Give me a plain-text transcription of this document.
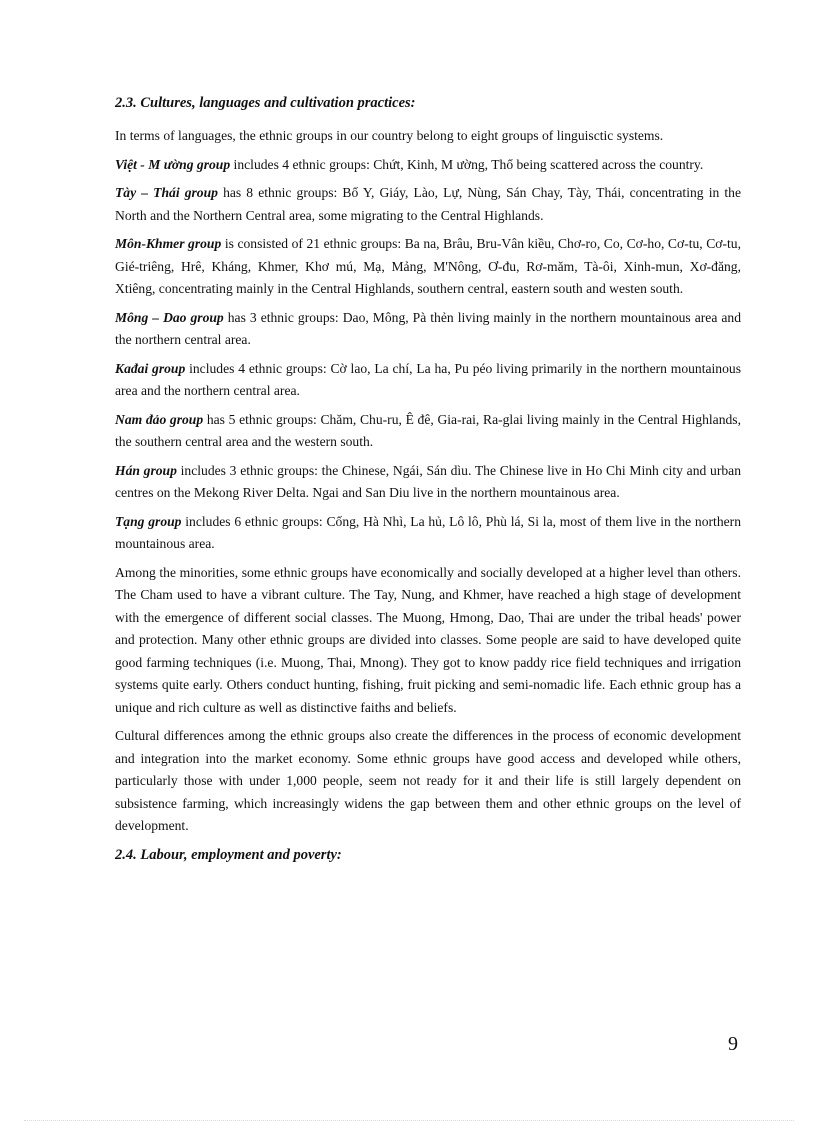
2.3. Cultures, languages and cultivation practices:

In terms of languages, the ethnic groups in our country belong to eight groups of linguisctic systems.

Việt - M ường group includes 4 ethnic groups: Chứt, Kinh, M ường, Thổ being scattered across the country.

Tày – Thái group has 8 ethnic groups: Bố Y, Giáy, Lào, Lự, Nùng, Sán Chay, Tày, Thái, concentrating in the North and the Northern Central area, some migrating to the Central Highlands.

Môn-Khmer group is consisted of 21 ethnic groups: Ba na, Brâu, Bru-Vân kiều, Chơ-ro, Co, Cơ-ho, Cơ-tu, Cơ-tu, Gié-triêng, Hrê, Kháng, Khmer, Khơ mú, Mạ, Mảng, M'Nông, Ơ-đu, Rơ-măm, Tà-ôi, Xinh-mun, Xơ-đăng, Xtiêng, concentrating mainly in the Central Highlands, southern central, eastern south and westen south.

Mông – Dao group has 3 ethnic groups: Dao, Mông, Pà thẻn living mainly in the northern mountainous area and the northern central area.

Kađai group includes 4 ethnic groups: Cờ lao, La chí, La ha, Pu péo living primarily in the northern mountainous area and the northern central area.

Nam đảo group has 5 ethnic groups: Chăm, Chu-ru, Ê đê, Gia-rai, Ra-glai living mainly in the Central Highlands, the southern central area and the western south.

Hán group includes 3 ethnic groups: the Chinese, Ngái, Sán dìu. The Chinese live in Ho Chi Minh city and urban centres on the Mekong River Delta. Ngai and San Diu live in the northern mountainous area.

Tạng group includes 6 ethnic groups: Cống, Hà Nhì, La hủ, Lô lô, Phù lá, Si la, most of them live in the northern mountainous area.

Among the minorities, some ethnic groups have economically and socially developed at a higher level than others. The Cham used to have a vibrant culture. The Tay, Nung, and Khmer, have reached a high stage of development with the emergence of different social classes. The Muong, Hmong, Dao, Thai are under the tribal heads' power and protection. Many other ethnic groups are divided into classes. Some people are said to have developed quite good farming techniques (i.e. Muong, Thai, Mnong). They got to know paddy rice field techniques and irrigation systems quite early. Others conduct hunting, fishing, fruit picking and semi-nomadic life. Each ethnic group has a unique and rich culture as well as distinctive faiths and beliefs.

Cultural differences among the ethnic groups also create the differences in the process of economic development and integration into the market economy. Some ethnic groups have good access and developed while others, particularly those with under 1,000 people, seem not ready for it and their life is still largely dependent on subsistence farming, which increasingly widens the gap between them and other ethnic groups on the level of development.

2.4. Labour, employment and poverty:
9
